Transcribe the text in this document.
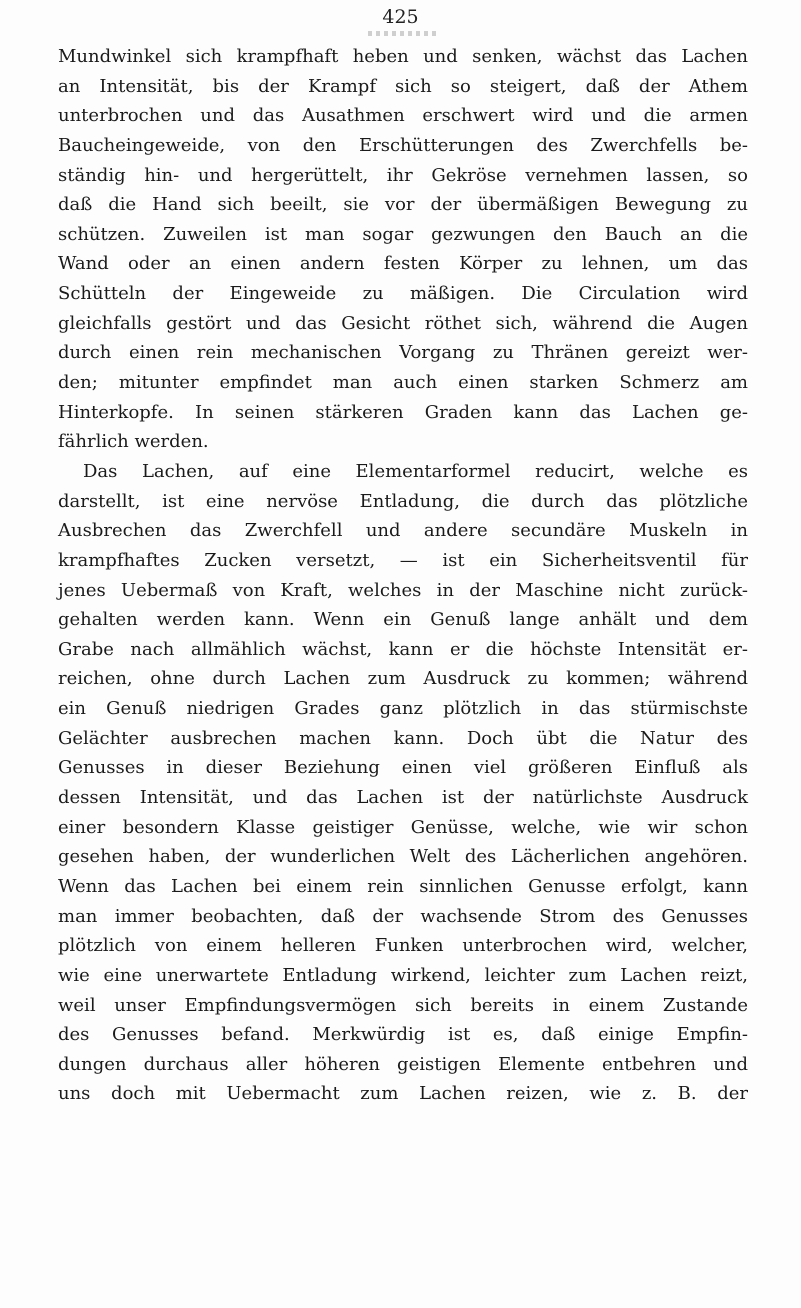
425
Mundwinkel sich krampfhaft heben und senken, wächst das Lachen
an Intensität, bis der Krampf sich so steigert, daß der Athem
unterbrochen und das Ausathmen erschwert wird und die armen
Baucheingeweide, von den Erschütterungen des Zwerchfells be-
ständig hin- und hergerüttelt, ihr Gekröse vernehmen lassen, so
daß die Hand sich beeilt, sie vor der übermäßigen Bewegung zu
schützen. Zuweilen ist man sogar gezwungen den Bauch an die
Wand oder an einen andern festen Körper zu lehnen, um das
Schütteln der Eingeweide zu mäßigen. Die Circulation wird
gleichfalls gestört und das Gesicht röthet sich, während die Augen
durch einen rein mechanischen Vorgang zu Thränen gereizt wer-
den; mitunter empfindet man auch einen starken Schmerz am
Hinterkopfe. In seinen stärkeren Graden kann das Lachen ge-
fährlich werden.
Das Lachen, auf eine Elementarformel reducirt, welche es
darstellt, ist eine nervöse Entladung, die durch das plötzliche
Ausbrechen das Zwerchfell und andere secundäre Muskeln in
krampfhaftes Zucken versetzt, — ist ein Sicherheitsventil für
jenes Uebermaß von Kraft, welches in der Maschine nicht zurück-
gehalten werden kann. Wenn ein Genuß lange anhält und dem
Grabe nach allmählich wächst, kann er die höchste Intensität er-
reichen, ohne durch Lachen zum Ausdruck zu kommen; während
ein Genuß niedrigen Grades ganz plötzlich in das stürmischste
Gelächter ausbrechen machen kann. Doch übt die Natur des
Genusses in dieser Beziehung einen viel größeren Einfluß als
dessen Intensität, und das Lachen ist der natürlichste Ausdruck
einer besondern Klasse geistiger Genüsse, welche, wie wir schon
gesehen haben, der wunderlichen Welt des Lächerlichen angehören.
Wenn das Lachen bei einem rein sinnlichen Genusse erfolgt, kann
man immer beobachten, daß der wachsende Strom des Genusses
plötzlich von einem helleren Funken unterbrochen wird, welcher,
wie eine unerwartete Entladung wirkend, leichter zum Lachen reizt,
weil unser Empfindungsvermögen sich bereits in einem Zustande
des Genusses befand. Merkwürdig ist es, daß einige Empfin-
dungen durchaus aller höheren geistigen Elemente entbehren und
uns doch mit Uebermacht zum Lachen reizen, wie z. B. der
